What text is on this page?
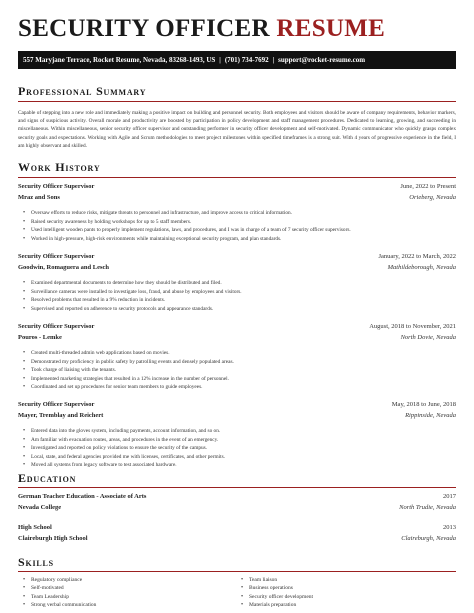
SECURITY OFFICER RESUME
557 Maryjane Terrace, Rocket Resume, Nevada, 83268-1493, US | (701) 734-7692 | support@rocket-resume.com
Professional Summary
Capable of stepping into a new role and immediately making a positive impact on building and personnel security. Both employees and visitors should be aware of company requirements, behavior markers, and signs of suspicious activity. Overall morale and productivity are boosted by participation in policy development and staff management procedures. Dedicated to learning, growing, and succeeding in miscellaneous. Within miscellaneous, senior security officer supervisor and outstanding performer in security officer development and self-motivated. Dynamic communicator who quickly grasps complex security goals and expectations. Working with Agile and Scrum methodologies to meet project milestones within specified timeframes is a strong suit. With 4 years of progressive experience in the field, I am highly observant and skilled.
Work History
Security Officer Supervisor	June, 2022 to Present
Mraz and Sons	Orieberg, Nevada
• Oversaw efforts to reduce risks, mitigate threats to personnel and infrastructure, and improve access to critical information.
• Raised security awareness by holding workshops for up to 5 staff members.
• Used intelligent wooden pants to properly implement regulations, laws, and procedures, and I was in charge of a team of 7 security officer supervisors.
• Worked in high-pressure, high-risk environments while maintaining exceptional security program, and plan standards.
Security Officer Supervisor	January, 2022 to March, 2022
Goodwin, Romaguera and Lesch	Mathildeborough, Nevada
• Examined departmental documents to determine how they should be distributed and filed.
• Surveillance cameras were installed to investigate loss, fraud, and abuse by employees and visitors.
• Resolved problems that resulted in a 9% reduction in incidents.
• Supervised and reported on adherence to security protocols and appearance standards.
Security Officer Supervisor	August, 2018 to November, 2021
Pouros - Lemke	North Dovie, Nevada
• Created multi-threaded admin web applications based on movies.
• Demonstrated my proficiency in public safety by patrolling events and densely populated areas.
• Took charge of liaising with the tenants.
• Implemented marketing strategies that resulted in a 12% increase in the number of personnel.
• Coordinated and set up procedures for senior team members to guide employees.
Security Officer Supervisor	May, 2018 to June, 2018
Mayer, Tremblay and Reichert	Rippinside, Nevada
• Entered data into the gloves system, including payments, account information, and so on.
• Am familiar with evacuation routes, areas, and procedures in the event of an emergency.
• Investigated and reported on policy violations to ensure the security of the campus.
• Local, state, and federal agencies provided me with licenses, certificates, and other permits.
• Moved all systems from legacy software to test associated hardware.
Education
German Teacher Education - Associate of Arts	2017
Nevada College	North Trudie, Nevada
High School	2013
Claireburgh High School	Claireburgh, Nevada
Skills
• Regulatory compliance
• Self-motivated
• Team Leadership
• Strong verbal communication
• Team liaison
• Business operations
• Security officer development
• Materials preparation
